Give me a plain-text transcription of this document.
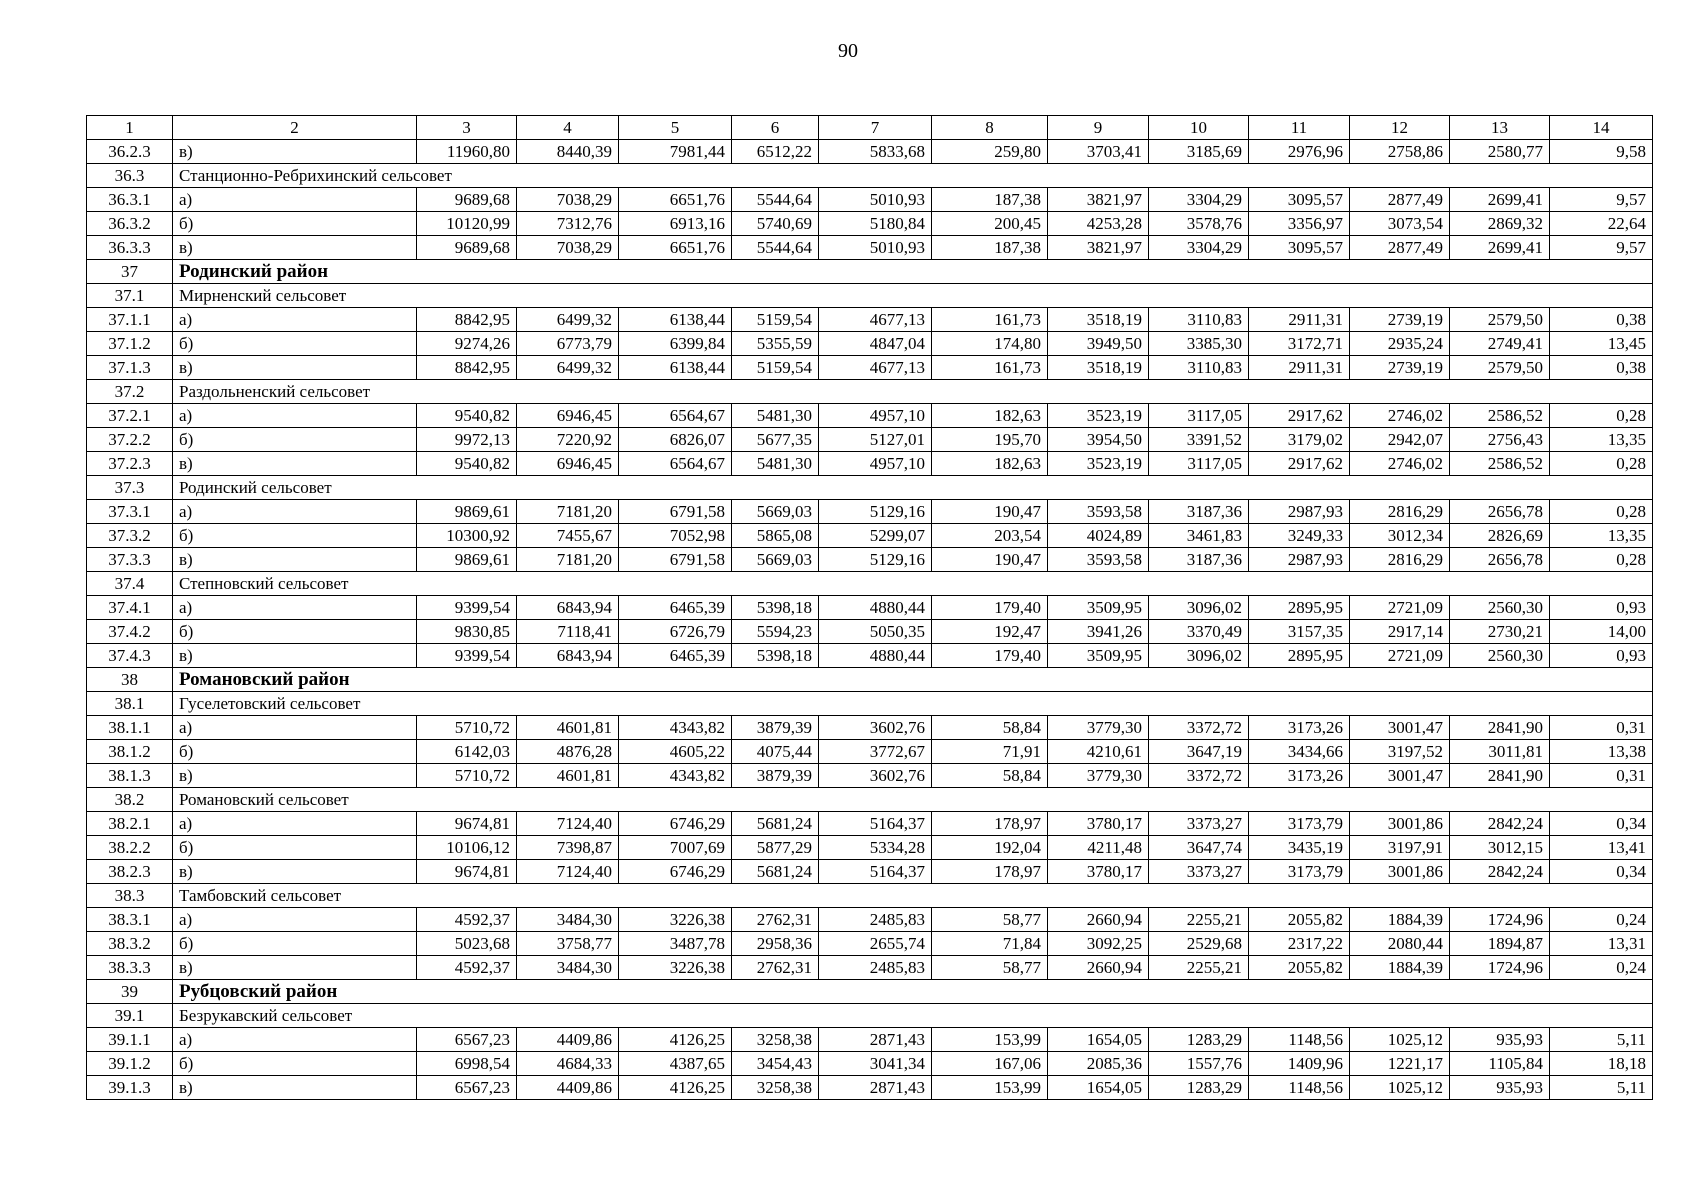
90
1	2	3	4	5	6	7	8	9	10	11	12	13	14
36.2.3	в)	11960,80	8440,39	7981,44	6512,22	5833,68	259,80	3703,41	3185,69	2976,96	2758,86	2580,77	9,58
36.3	Станционно-Ребрихинский сельсовет												
36.3.1	а)	9689,68	7038,29	6651,76	5544,64	5010,93	187,38	3821,97	3304,29	3095,57	2877,49	2699,41	9,57
36.3.2	б)	10120,99	7312,76	6913,16	5740,69	5180,84	200,45	4253,28	3578,76	3356,97	3073,54	2869,32	22,64
36.3.3	в)	9689,68	7038,29	6651,76	5544,64	5010,93	187,38	3821,97	3304,29	3095,57	2877,49	2699,41	9,57
37	Родинский район												
37.1	Мирненский сельсовет												
37.1.1	а)	8842,95	6499,32	6138,44	5159,54	4677,13	161,73	3518,19	3110,83	2911,31	2739,19	2579,50	0,38
37.1.2	б)	9274,26	6773,79	6399,84	5355,59	4847,04	174,80	3949,50	3385,30	3172,71	2935,24	2749,41	13,45
37.1.3	в)	8842,95	6499,32	6138,44	5159,54	4677,13	161,73	3518,19	3110,83	2911,31	2739,19	2579,50	0,38
37.2	Раздольненский сельсовет												
37.2.1	а)	9540,82	6946,45	6564,67	5481,30	4957,10	182,63	3523,19	3117,05	2917,62	2746,02	2586,52	0,28
37.2.2	б)	9972,13	7220,92	6826,07	5677,35	5127,01	195,70	3954,50	3391,52	3179,02	2942,07	2756,43	13,35
37.2.3	в)	9540,82	6946,45	6564,67	5481,30	4957,10	182,63	3523,19	3117,05	2917,62	2746,02	2586,52	0,28
37.3	Родинский сельсовет												
37.3.1	а)	9869,61	7181,20	6791,58	5669,03	5129,16	190,47	3593,58	3187,36	2987,93	2816,29	2656,78	0,28
37.3.2	б)	10300,92	7455,67	7052,98	5865,08	5299,07	203,54	4024,89	3461,83	3249,33	3012,34	2826,69	13,35
37.3.3	в)	9869,61	7181,20	6791,58	5669,03	5129,16	190,47	3593,58	3187,36	2987,93	2816,29	2656,78	0,28
37.4	Степновский сельсовет												
37.4.1	а)	9399,54	6843,94	6465,39	5398,18	4880,44	179,40	3509,95	3096,02	2895,95	2721,09	2560,30	0,93
37.4.2	б)	9830,85	7118,41	6726,79	5594,23	5050,35	192,47	3941,26	3370,49	3157,35	2917,14	2730,21	14,00
37.4.3	в)	9399,54	6843,94	6465,39	5398,18	4880,44	179,40	3509,95	3096,02	2895,95	2721,09	2560,30	0,93
38	Романовский район												
38.1	Гуселетовский сельсовет												
38.1.1	а)	5710,72	4601,81	4343,82	3879,39	3602,76	58,84	3779,30	3372,72	3173,26	3001,47	2841,90	0,31
38.1.2	б)	6142,03	4876,28	4605,22	4075,44	3772,67	71,91	4210,61	3647,19	3434,66	3197,52	3011,81	13,38
38.1.3	в)	5710,72	4601,81	4343,82	3879,39	3602,76	58,84	3779,30	3372,72	3173,26	3001,47	2841,90	0,31
38.2	Романовский сельсовет												
38.2.1	а)	9674,81	7124,40	6746,29	5681,24	5164,37	178,97	3780,17	3373,27	3173,79	3001,86	2842,24	0,34
38.2.2	б)	10106,12	7398,87	7007,69	5877,29	5334,28	192,04	4211,48	3647,74	3435,19	3197,91	3012,15	13,41
38.2.3	в)	9674,81	7124,40	6746,29	5681,24	5164,37	178,97	3780,17	3373,27	3173,79	3001,86	2842,24	0,34
38.3	Тамбовский сельсовет												
38.3.1	а)	4592,37	3484,30	3226,38	2762,31	2485,83	58,77	2660,94	2255,21	2055,82	1884,39	1724,96	0,24
38.3.2	б)	5023,68	3758,77	3487,78	2958,36	2655,74	71,84	3092,25	2529,68	2317,22	2080,44	1894,87	13,31
38.3.3	в)	4592,37	3484,30	3226,38	2762,31	2485,83	58,77	2660,94	2255,21	2055,82	1884,39	1724,96	0,24
39	Рубцовский район												
39.1	Безрукавский сельсовет												
39.1.1	а)	6567,23	4409,86	4126,25	3258,38	2871,43	153,99	1654,05	1283,29	1148,56	1025,12	935,93	5,11
39.1.2	б)	6998,54	4684,33	4387,65	3454,43	3041,34	167,06	2085,36	1557,76	1409,96	1221,17	1105,84	18,18
39.1.3	в)	6567,23	4409,86	4126,25	3258,38	2871,43	153,99	1654,05	1283,29	1148,56	1025,12	935,93	5,11
